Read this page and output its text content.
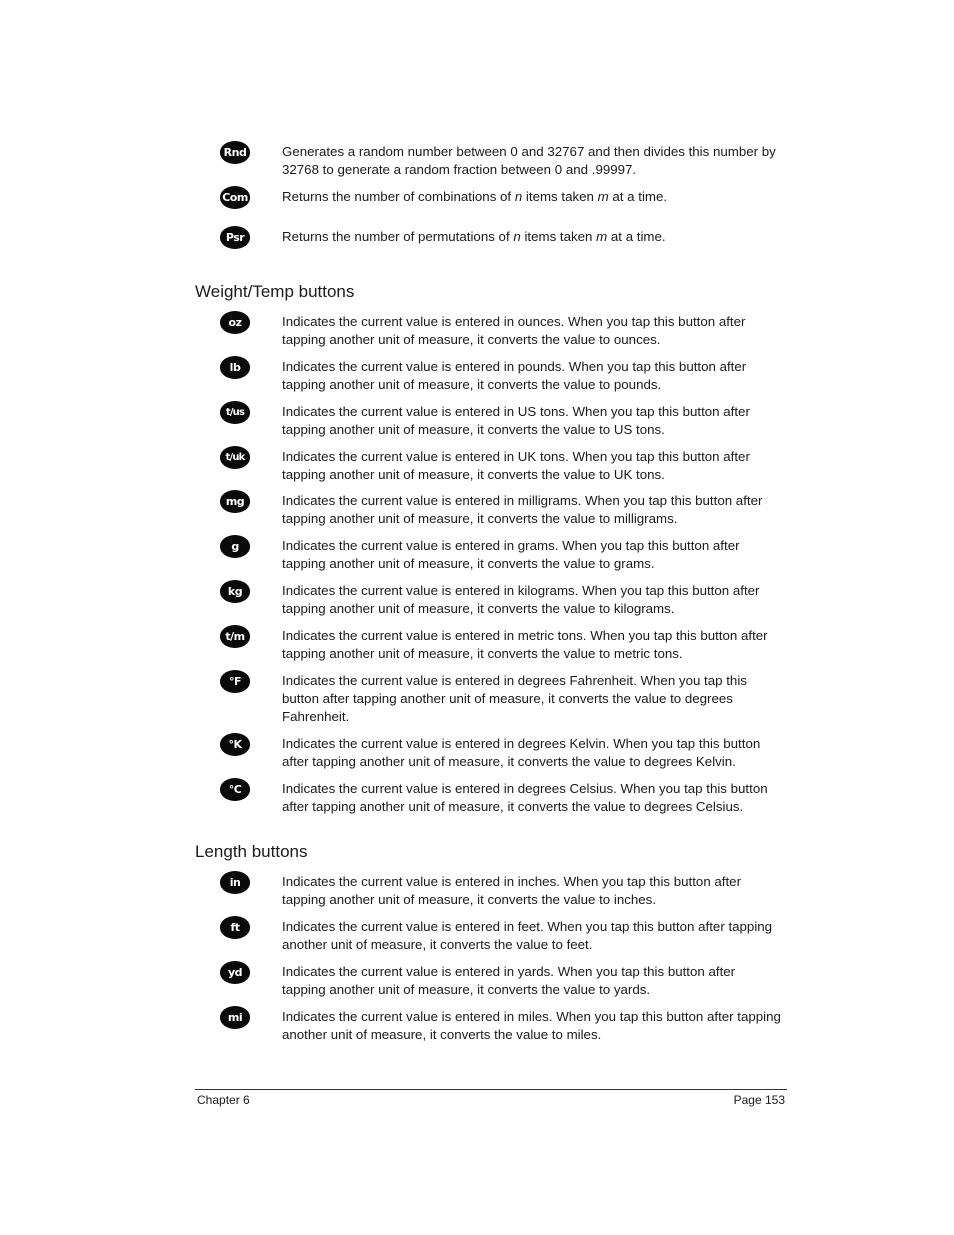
Rnd	Generates a random number between 0 and 32767 and then divides this number by 32768 to generate a random fraction between 0 and .99997.
Com	Returns the number of combinations of n items taken m at a time.
Psr	Returns the number of permutations of n items taken m at a time.
Weight/Temp buttons
oz	Indicates the current value is entered in ounces. When you tap this button after tapping another unit of measure, it converts the value to ounces.
lb	Indicates the current value is entered in pounds. When you tap this button after tapping another unit of measure, it converts the value to pounds.
t/us	Indicates the current value is entered in US tons. When you tap this button after tapping another unit of measure, it converts the value to US tons.
t/uk	Indicates the current value is entered in UK tons. When you tap this button after tapping another unit of measure, it converts the value to UK tons.
mg	Indicates the current value is entered in milligrams. When you tap this button after tapping another unit of measure, it converts the value to milligrams.
g	Indicates the current value is entered in grams. When you tap this button after tapping another unit of measure, it converts the value to grams.
kg	Indicates the current value is entered in kilograms. When you tap this button after tapping another unit of measure, it converts the value to kilograms.
t/m	Indicates the current value is entered in metric tons. When you tap this button after tapping another unit of measure, it converts the value to metric tons.
°F	Indicates the current value is entered in degrees Fahrenheit. When you tap this button after tapping another unit of measure, it converts the value to degrees Fahrenheit.
°K	Indicates the current value is entered in degrees Kelvin. When you tap this button after tapping another unit of measure, it converts the value to degrees Kelvin.
°C	Indicates the current value is entered in degrees Celsius. When you tap this button after tapping another unit of measure, it converts the value to degrees Celsius.
Length buttons
in	Indicates the current value is entered in inches. When you tap this button after tapping another unit of measure, it converts the value to inches.
ft	Indicates the current value is entered in feet. When you tap this button after tapping another unit of measure, it converts the value to feet.
yd	Indicates the current value is entered in yards. When you tap this button after tapping another unit of measure, it converts the value to yards.
mi	Indicates the current value is entered in miles. When you tap this button after tapping another unit of measure, it converts the value to miles.
Chapter 6	Page 153
